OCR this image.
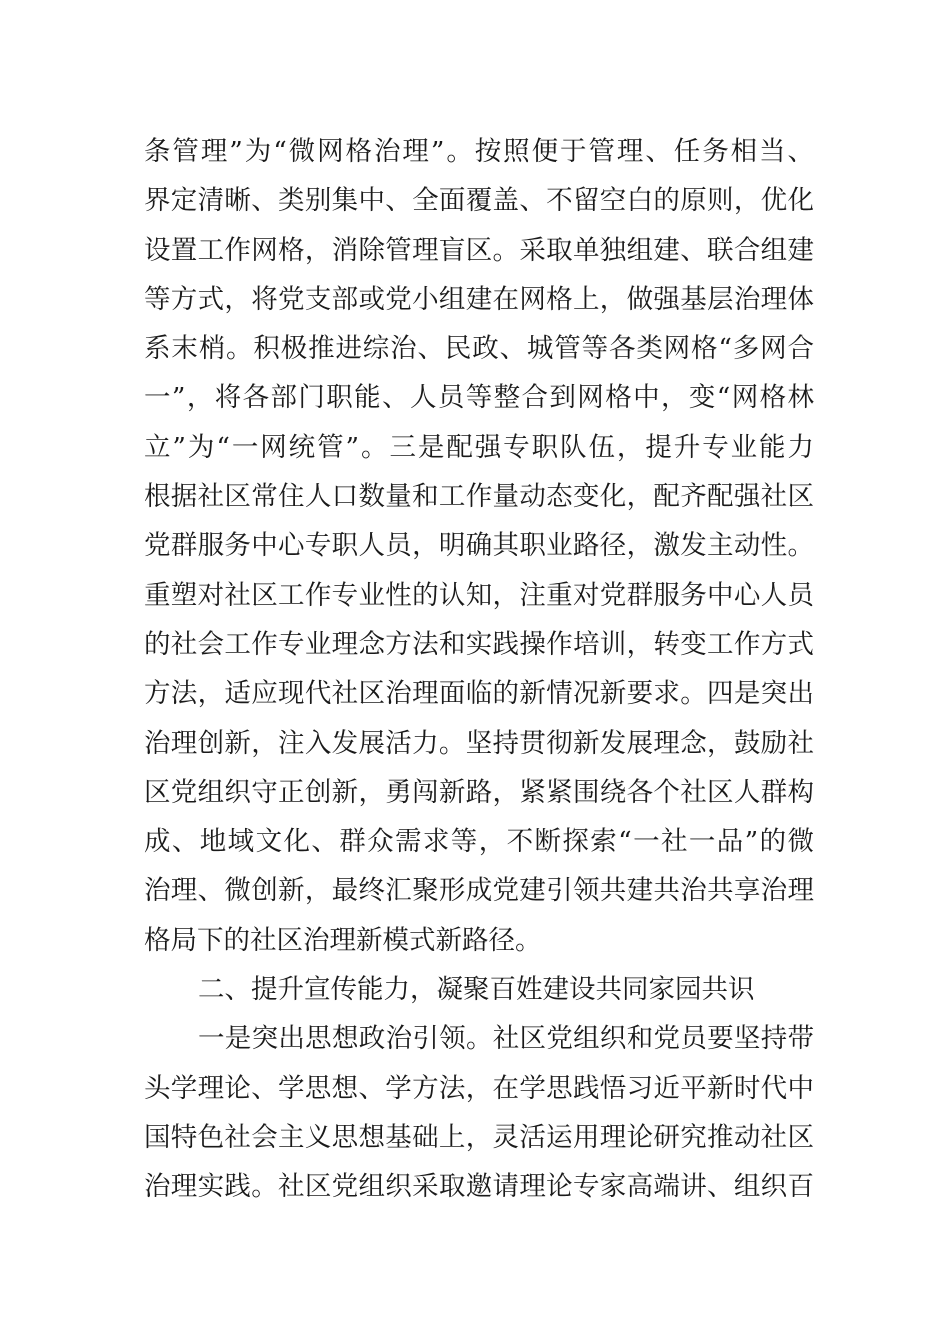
条管理”为“微网格治理”。按照便于管理、任务相当、
界定清晰、类别集中、全面覆盖、不留空白的原则，优化
设置工作网格，消除管理盲区。采取单独组建、联合组建
等方式，将党支部或党小组建在网格上，做强基层治理体
系末梢。积极推进综治、民政、城管等各类网格“多网合
一”，将各部门职能、人员等整合到网格中，变“网格林
立”为“一网统管”。三是配强专职队伍，提升专业能力
根据社区常住人口数量和工作量动态变化，配齐配强社区
党群服务中心专职人员，明确其职业路径，激发主动性。
重塑对社区工作专业性的认知，注重对党群服务中心人员
的社会工作专业理念方法和实践操作培训，转变工作方式
方法，适应现代社区治理面临的新情况新要求。四是突出
治理创新，注入发展活力。坚持贯彻新发展理念，鼓励社
区党组织守正创新，勇闯新路，紧紧围绕各个社区人群构
成、地域文化、群众需求等，不断探索“一社一品”的微
治理、微创新，最终汇聚形成党建引领共建共治共享治理
格局下的社区治理新模式新路径。
二、提升宣传能力，凝聚百姓建设共同家园共识
一是突出思想政治引领。社区党组织和党员要坚持带
头学理论、学思想、学方法，在学思践悟习近平新时代中
国特色社会主义思想基础上，灵活运用理论研究推动社区
治理实践。社区党组织采取邀请理论专家高端讲、组织百
